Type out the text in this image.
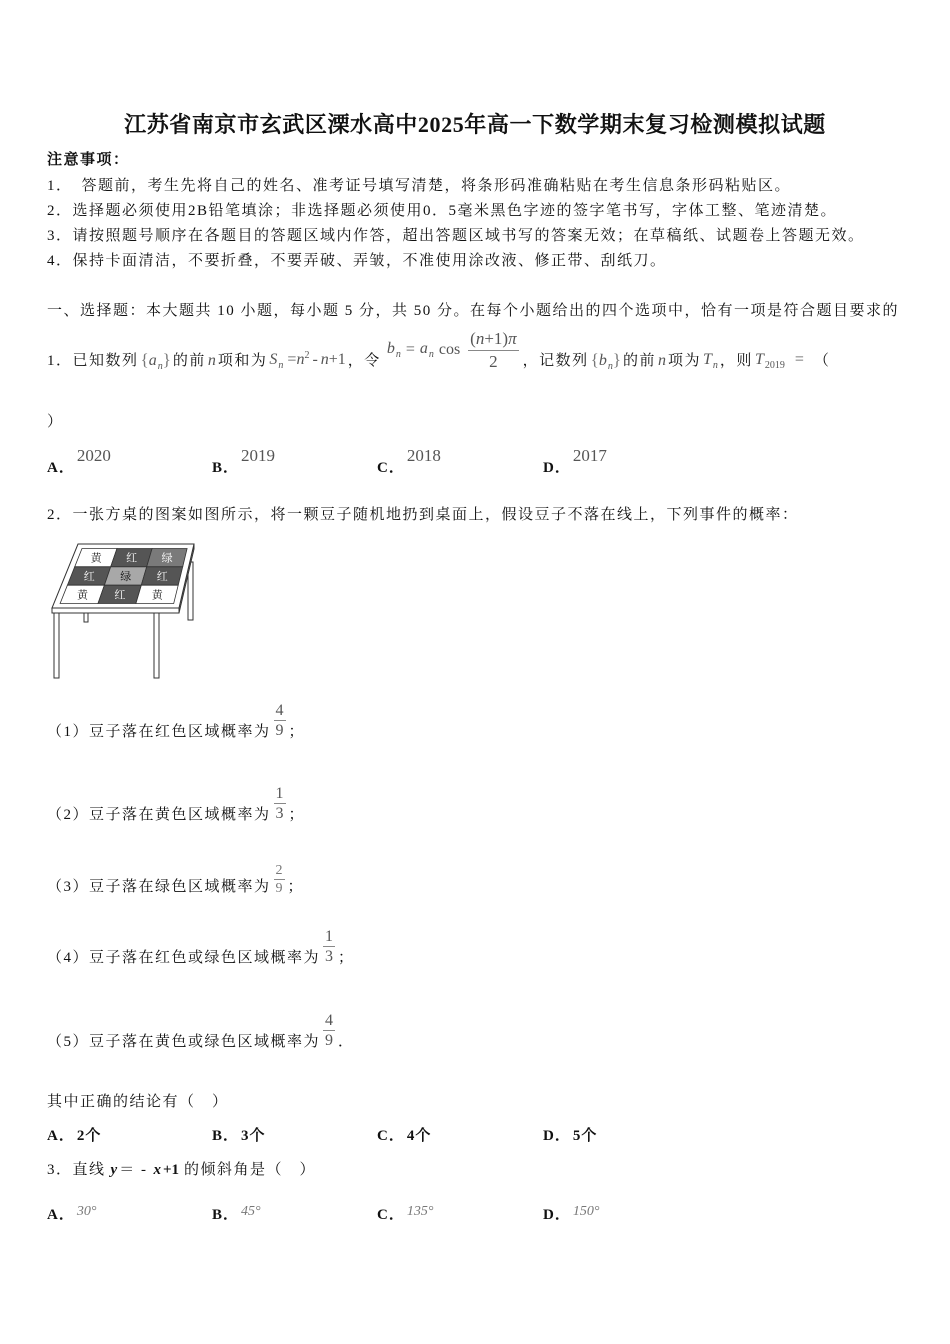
江苏省南京市玄武区溧水高中2025年高一下数学期末复习检测模拟试题
注意事项：
1．　答题前，考生先将自己的姓名、准考证号填写清楚，将条形码准确粘贴在考生信息条形码粘贴区。
2．选择题必须使用2B铅笔填涂；非选择题必须使用0．5毫米黑色字迹的签字笔书写，字体工整、笔迹清楚。
3．请按照题号顺序在各题目的答题区域内作答，超出答题区域书写的答案无效；在草稿纸、试题卷上答题无效。
4．保持卡面清洁，不要折叠，不要弄破、弄皱，不准使用涂改液、修正带、刮纸刀。
一、选择题：本大题共 10 小题，每小题 5 分，共 50 分。在每个小题给出的四个选项中，恰有一项是符合题目要求的
1． 已知数列 $\{a_n\}$ 的前 n 项和为 $S_n =n^2 - n+1$ ，令
$b_n = a_n$ $\cos \frac{(n+1)\pi}{2}$ ，记数列 $\{b_n\}$ 的前 n 项为 $T_n$ ，则 $T_{2019}$ = （
）
A．2020
B．2019
C．2018
D．2017
2． 一张方桌的图案如图所示，将一颗豆子随机地扔到桌面上，假设豆子不落在线上，下列事件的概率：
黄 红 绿
红 绿 红
黄 红 黄
（1） 豆子落在红色区域概率为 $\frac{4}{9}$ ；
（2） 豆子落在黄色区域概率为 $\frac{1}{3}$ ；
（3） 豆子落在绿色区域概率为 $\frac{2}{9}$ ；
（4） 豆子落在红色或绿色区域概率为 $\frac{1}{3}$ ；
（5） 豆子落在黄色或绿色区域概率为 $\frac{4}{9}$ ．
其中正确的结论有（　）
A． 2个	B． 3个	C． 4个	D． 5个
3． 直线 y ＝ - x +1 的倾斜角是（　）
A． 30°	B． 45°	C． 135°	D． 150°
